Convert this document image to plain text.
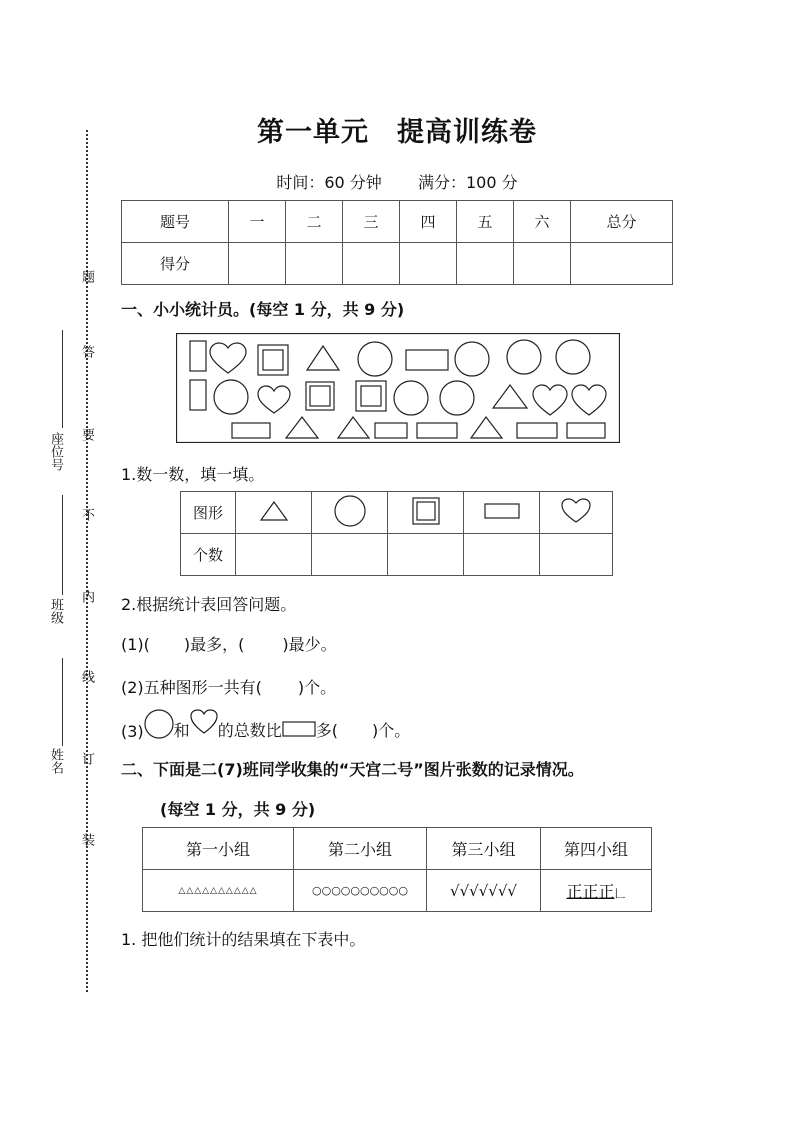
题
答
要
不
内
线
订
装
座位号
班级
姓名
第一单元　提高训练卷
时间：60 分钟 满分：100 分
题号	一	二	三	四	五	六	总分
得分							
一、小小统计员。(每空 1 分，共 9 分)
1.数一数，填一填。
图形					
个数					
2.根据统计表回答问题。
(1)( )最多，( )最少。
(2)五种图形一共有( )个。
(3) 和 的总数比 多( )个。
二、下面是二(7)班同学收集的“天宫二号”图片张数的记录情况。
(每空 1 分，共 9 分)
第一小组	第二小组	第三小组	第四小组
△△△△△△△△△△	○○○○○○○○○○	√√√√√√√	正正正𠃊
1. 把他们统计的结果填在下表中。
